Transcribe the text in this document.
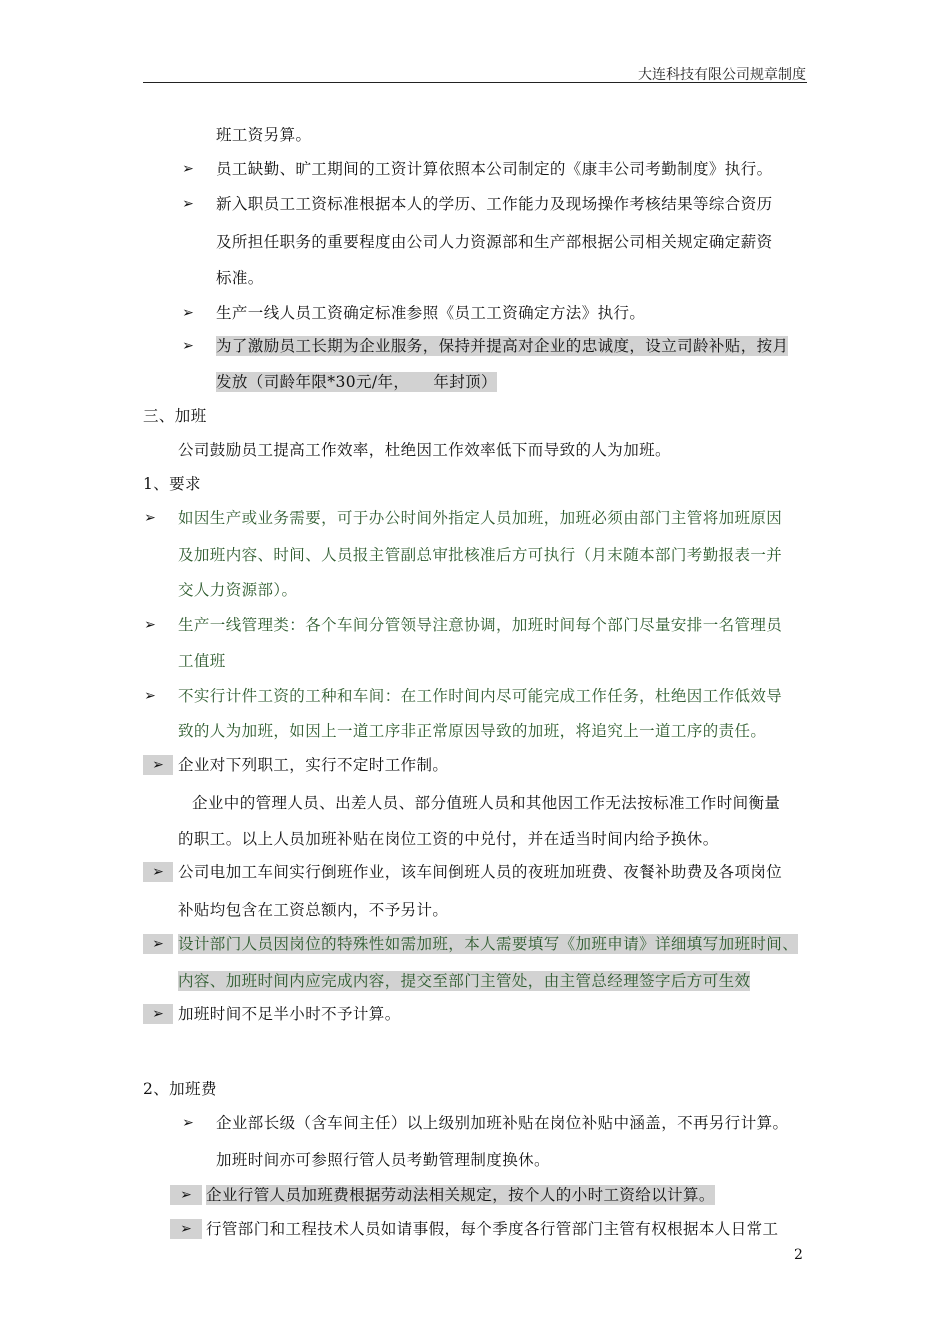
大连科技有限公司规章制度
班工资另算。
➢	员工缺勤、旷工期间的工资计算依照本公司制定的《康丰公司考勤制度》执行。
➢	新入职员工工资标准根据本人的学历、工作能力及现场操作考核结果等综合资历
及所担任职务的重要程度由公司人力资源部和生产部根据公司相关规定确定薪资
标准。
➢	生产一线人员工资确定标准参照《员工工资确定方法》执行。
➢	为了激励员工长期为企业服务，保持并提高对企业的忠诚度，设立司龄补贴，按月
发放（司龄年限*30元/年，　　年封顶）
三、加班
公司鼓励员工提高工作效率，杜绝因工作效率低下而导致的人为加班。
1、要求
➢	如因生产或业务需要，可于办公时间外指定人员加班，加班必须由部门主管将加班原因
及加班内容、时间、人员报主管副总审批核准后方可执行（月末随本部门考勤报表一并
交人力资源部）。
➢	生产一线管理类：各个车间分管领导注意协调，加班时间每个部门尽量安排一名管理员
工值班
➢	不实行计件工资的工种和车间：在工作时间内尽可能完成工作任务，杜绝因工作低效导
致的人为加班，如因上一道工序非正常原因导致的加班，将追究上一道工序的责任。
➢ 企业对下列职工，实行不定时工作制。
企业中的管理人员、出差人员、部分值班人员和其他因工作无法按标准工作时间衡量
的职工。以上人员加班补贴在岗位工资的中兑付，并在适当时间内给予换休。
➢ 公司电加工车间实行倒班作业，该车间倒班人员的夜班加班费、夜餐补助费及各项岗位
补贴均包含在工资总额内，不予另计。
➢ 设计部门人员因岗位的特殊性如需加班，本人需要填写《加班申请》详细填写加班时间、
内容、加班时间内应完成内容，提交至部门主管处，由主管总经理签字后方可生效
➢ 加班时间不足半小时不予计算。
2、加班费
➢	企业部长级（含车间主任）以上级别加班补贴在岗位补贴中涵盖，不再另行计算。
加班时间亦可参照行管人员考勤管理制度换休。
➢ 企业行管人员加班费根据劳动法相关规定，按个人的小时工资给以计算。
➢ 行管部门和工程技术人员如请事假，每个季度各行管部门主管有权根据本人日常工
2
